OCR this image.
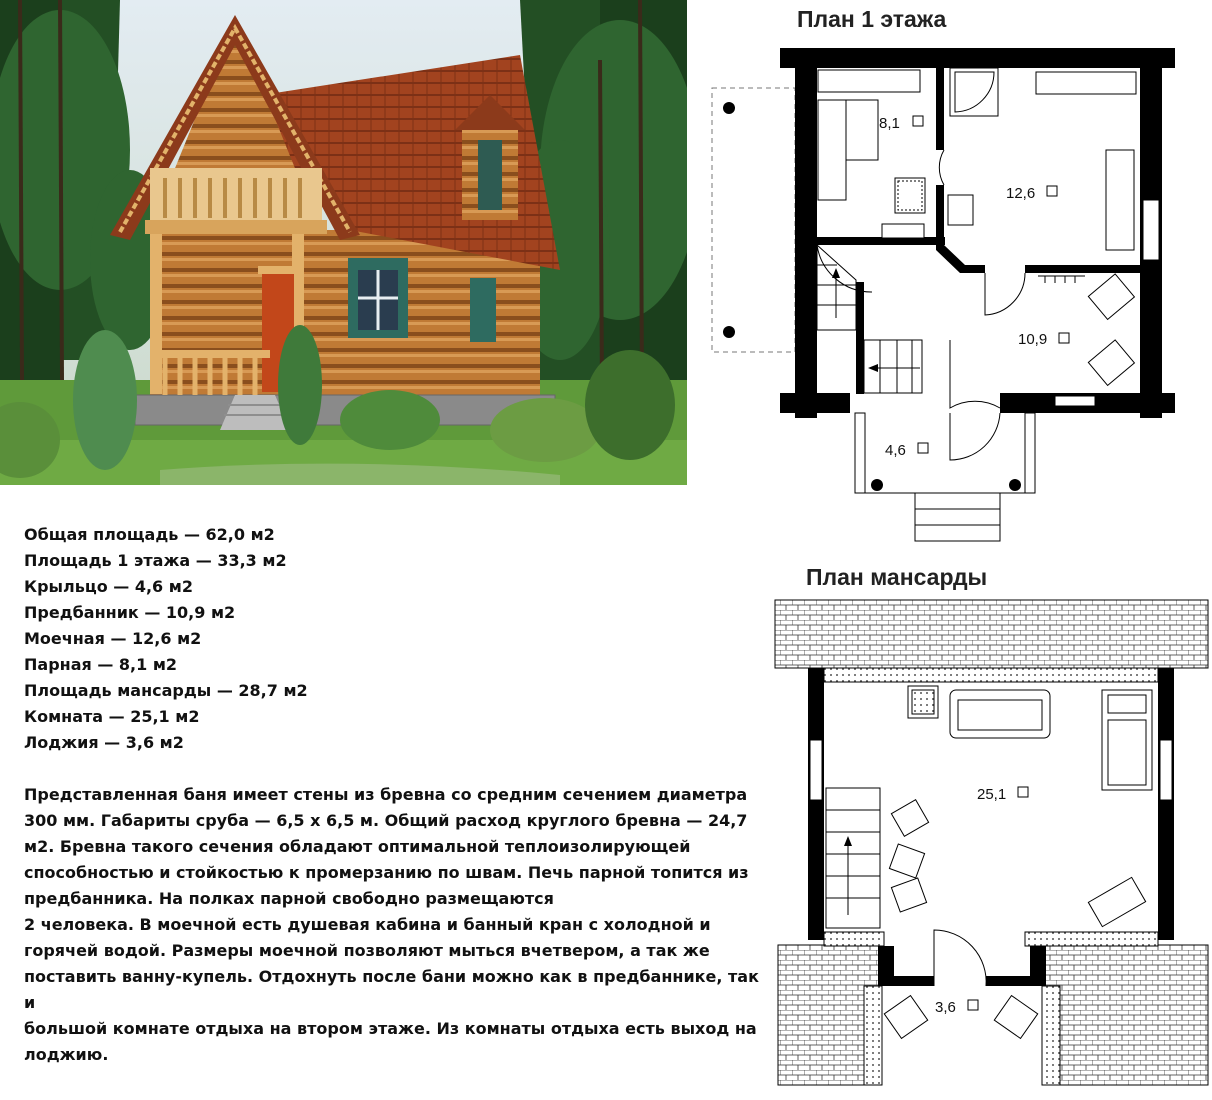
Общая площадь — 62,0 м2
Площадь 1 этажа — 33,3 м2
Крыльцо — 4,6 м2
Предбанник — 10,9 м2
Моечная — 12,6 м2
Парная — 8,1 м2
Площадь мансарды — 28,7 м2
Комната — 25,1 м2
Лоджия — 3,6 м2
Представленная баня имеет стены из бревна со средним сечением диаметра
300 мм. Габариты сруба — 6,5 х 6,5 м. Общий расход круглого бревна — 24,7
м2. Бревна такого сечения обладают оптимальной теплоизолирующей
способностью и стойкостью к промерзанию по швам. Печь парной топится из
предбанника. На полках парной свободно размещаются
2 человека. В моечной есть душевая кабина и банный кран с холодной и
горячей водой. Размеры моечной позволяют мыться вчетвером, а так же
поставить ванну-купель. Отдохнуть после бани можно как в предбаннике, так и
большой комнате отдыха на втором этаже. Из комнаты отдыха есть выход на
лоджию.
План 1 этажа
8,1
12,6
10,9
4,6
План мансарды
25,1
3,6
